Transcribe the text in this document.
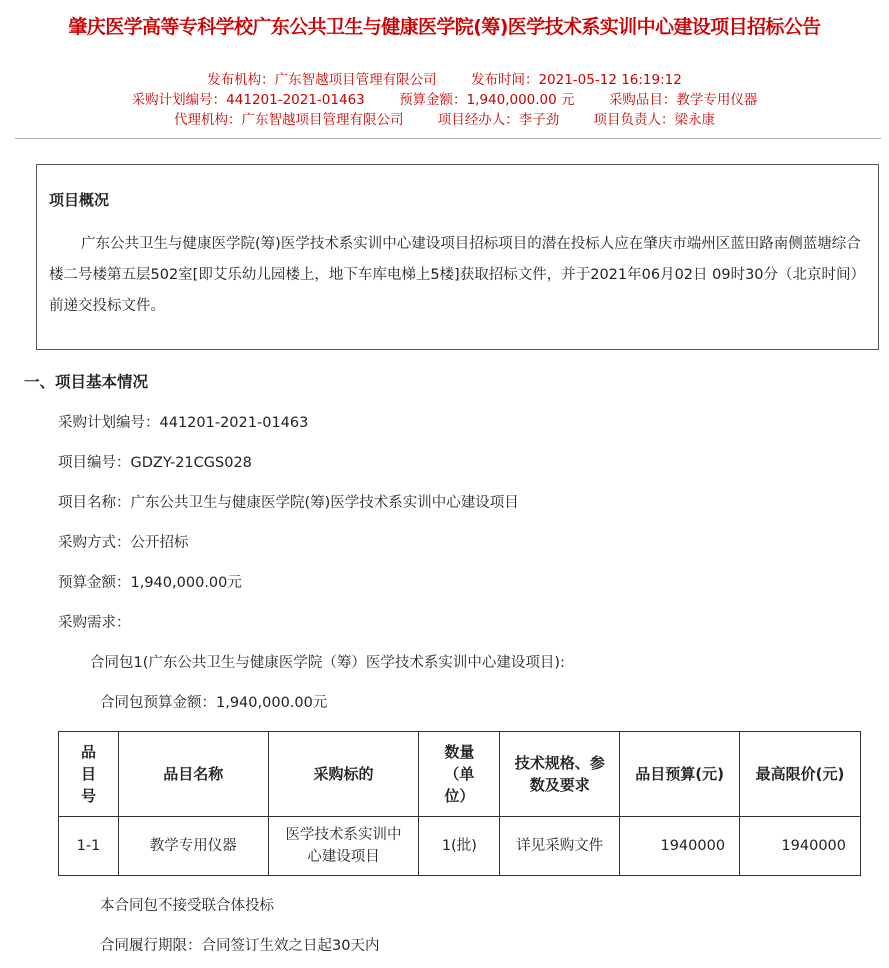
肇庆医学高等专科学校广东公共卫生与健康医学院(筹)医学技术系实训中心建设项目招标公告
发布机构：广东智越项目管理有限公司	发布时间：2021-05-12 16:19:12
采购计划编号：441201-2021-01463	预算金额：1,940,000.00 元	采购品目：教学专用仪器
代理机构：广东智越项目管理有限公司	项目经办人：李子劲	项目负责人：梁永康
项目概况
广东公共卫生与健康医学院(筹)医学技术系实训中心建设项目招标项目的潜在投标人应在肇庆市端州区蓝田路南侧蓝塘综合楼二号楼第五层502室[即艾乐幼儿园楼上，地下车库电梯上5楼]获取招标文件，并于2021年06月02日 09时30分（北京时间）前递交投标文件。
一、项目基本情况
采购计划编号：441201-2021-01463
项目编号：GDZY-21CGS028
项目名称：广东公共卫生与健康医学院(筹)医学技术系实训中心建设项目
采购方式：公开招标
预算金额：1,940,000.00元
采购需求：
合同包1(广东公共卫生与健康医学院（筹）医学技术系实训中心建设项目):
合同包预算金额：1,940,000.00元
品目号	品目名称	采购标的	数量（单位）	技术规格、参数及要求	品目预算(元)	最高限价(元)
1-1	教学专用仪器	医学技术系实训中心建设项目	1(批)	详见采购文件	1940000	1940000
本合同包不接受联合体投标
合同履行期限：合同签订生效之日起30天内
